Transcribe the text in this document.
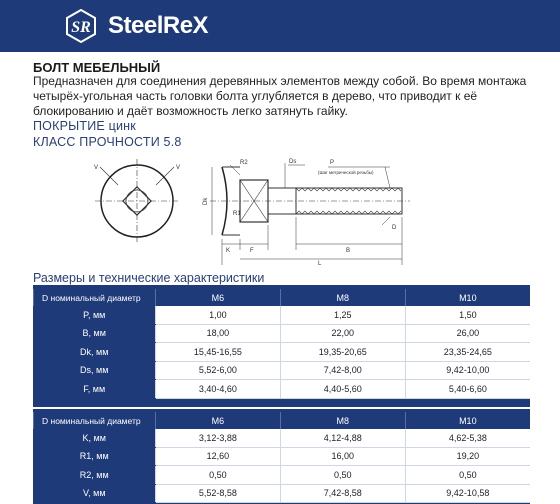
SR SteelReX
БОЛТ МЕБЕЛЬНЫЙ
Предназначен для соединения деревянных элементов между собой. Во время монтажа четырёх-угольная часть головки болта углубляется в дерево, что приводит к её блокированию и даёт возможность легко затянуть гайку.
ПОКРЫТИЕ цинк
КЛАСС ПРОЧНОСТИ 5.8
V	V
Dk
R2
R1
Ds
D
P
(Шаг метрической резьбы)
K	F	B
L
Размеры и технические характеристики
D номинальный диаметр	М6	М8	М10
P, мм	1,00	1,25	1,50
B, мм	18,00	22,00	26,00
Dk, мм	15,45-16,55	19,35-20,65	23,35-24,65
Ds, мм	5,52-6,00	7,42-8,00	9,42-10,00
F, мм	3,40-4,60	4,40-5,60	5,40-6,60
D номинальный диаметр	М6	М8	М10
K, мм	3,12-3,88	4,12-4,88	4,62-5,38
R1, мм	12,60	16,00	19,20
R2, мм	0,50	0,50	0,50
V, мм	5,52-8,58	7,42-8,58	9,42-10,58
